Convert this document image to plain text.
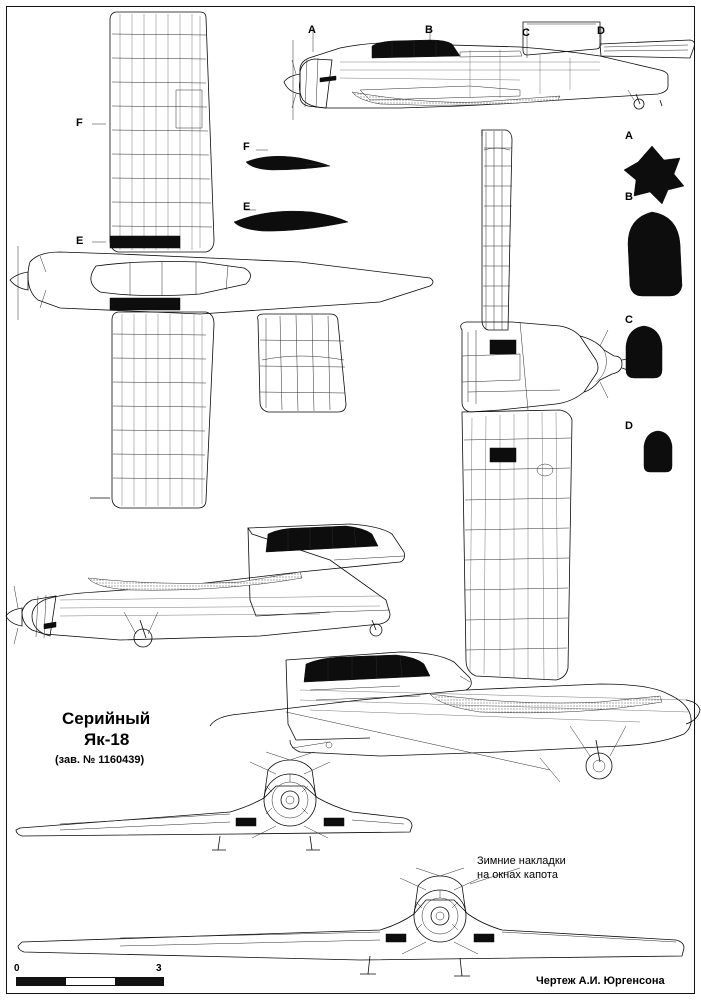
A	B	C	D
F
E
F
E
A
B
C
D
Серийный
Як-18
(зав. № 1160439)
Зимние накладки
на окнах капота
Чертеж А.И. Юргенсона
0	3
